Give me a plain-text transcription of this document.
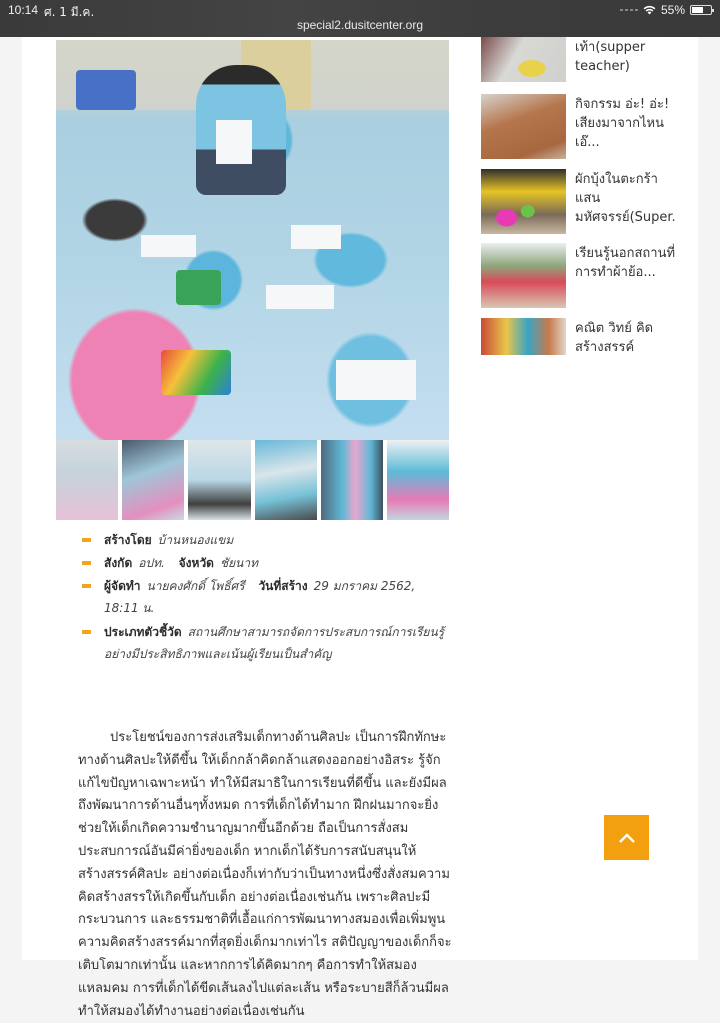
10:14 ศ. 1 มี.ค.
special2.dusitcenter.org
55%
สร้างโดย บ้านหนองแขม
สังกัด อปท. จังหวัด ชัยนาท
ผู้จัดทำ นายคงศักดิ์ โพธิ์ศรี วันที่สร้าง 29 มกราคม 2562,
18:11 น.
ประเภทตัวชี้วัด สถานศึกษาสามารถจัดการประสบการณ์การเรียนรู้อย่างมีประสิทธิภาพและเน้นผู้เรียนเป็นสำคัญ
ประโยชน์ของการส่งเสริมเด็กทางด้านศิลปะ เป็นการฝึกทักษะทางด้านศิลปะให้ดีขึ้น ให้เด็กกล้าคิดกล้าแสดงออกอย่างอิสระ รู้จักแก้ไขปัญหาเฉพาะหน้า ทำให้มีสมาธิในการเรียนที่ดีขึ้น และยังมีผลถึงพัฒนาการด้านอื่นๆทั้งหมด การที่เด็กได้ทำมาก ฝึกฝนมากจะยิ่งช่วยให้เด็กเกิดความชำนาญมากขึ้นอีกด้วย ถือเป็นการสั่งสมประสบการณ์อันมีค่ายิ่งของเด็ก หากเด็กได้รับการสนับสนุนให้สร้างสรรค์ศิลปะ อย่างต่อเนื่องก็เท่ากับว่าเป็นทางหนึ่งซึ่งสั่งสมความคิดสร้างสรรให้เกิดขึ้นกับเด็ก อย่างต่อเนื่องเช่นกัน เพราะศิลปะมีกระบวนการ และธรรมชาติที่เอื้อแก่การพัฒนาทางสมองเพื่อเพิ่มพูนความคิดสร้างสรรค์มากที่สุดยิ่งเด็กมากเท่าไร สติปัญญาของเด็กก็จะเติบโตมากเท่านั้น และหากการได้คิดมากๆ คือการทำให้สมองแหลมคม การที่เด็กได้ขีดเส้นลงไปแต่ละเส้น หรือระบายสีก็ล้วนมีผลทำให้สมองได้ทำงานอย่างต่อเนื่องเช่นกัน
เท้า(supper teacher)
กิจกรรม อ่ะ! อ่ะ! เสียงมาจากไหนเอ๊...
ผักบุ้งในตะกร้าแสน มหัศจรรย์(Super.
เรียนรู้นอกสถานที่การทำผ้าย้อ...
คณิต วิทย์ คิด สร้างสรรค์
